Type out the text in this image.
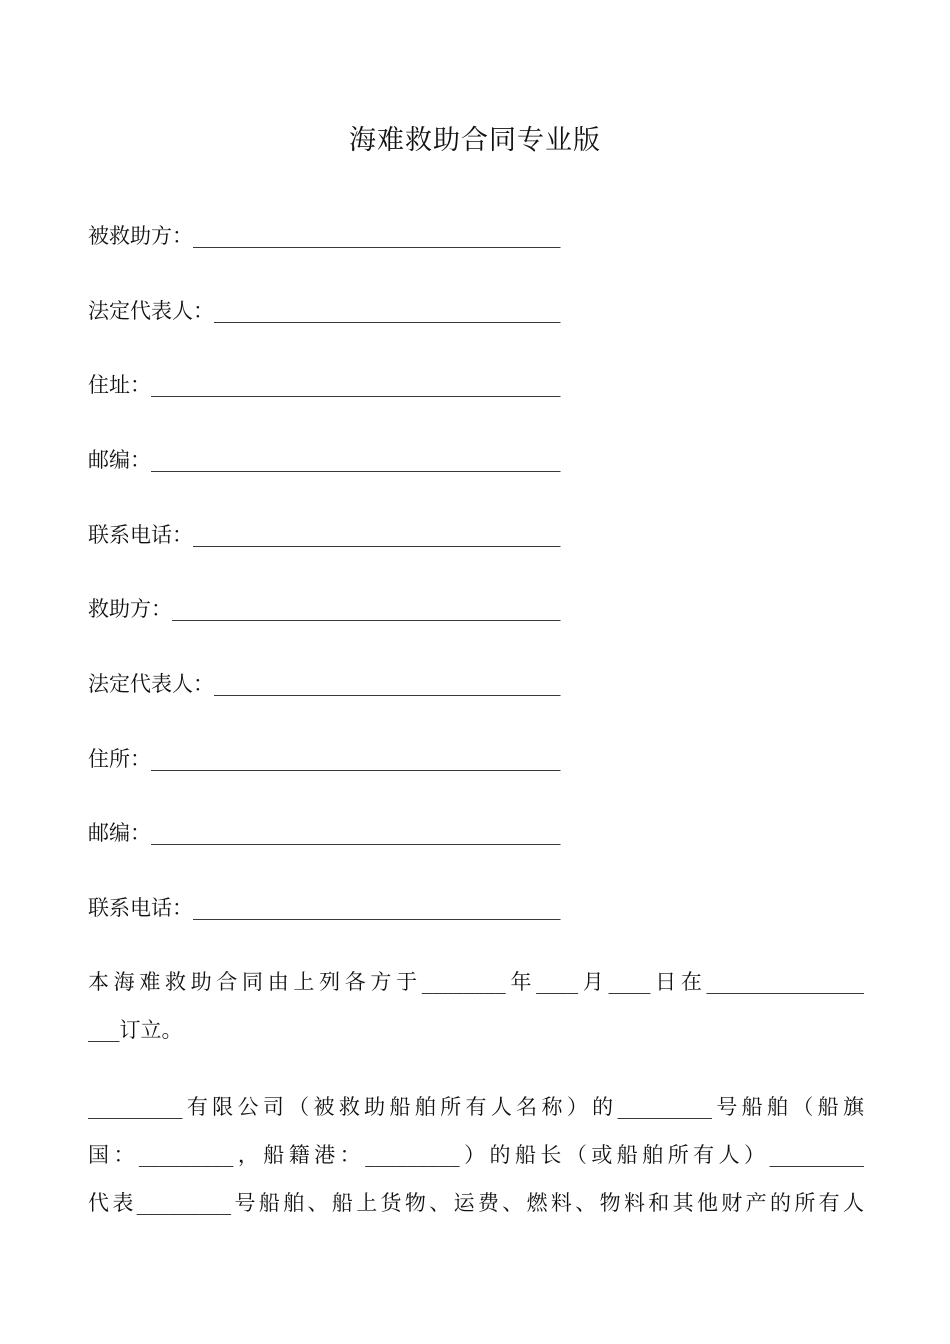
海难救助合同专业版
被救助方：___________________________________
法定代表人：_________________________________
住址：_______________________________________
邮编：_______________________________________
联系电话：___________________________________
救助方：_____________________________________
法定代表人：_________________________________
住所：_______________________________________
邮编：_______________________________________
联系电话：___________________________________
本海难救助合同由上列各方于________年____月____日在_______________
___订立。
_________有限公司（被救助船舶所有人名称）的_________号船舶（船旗
国：_________，船籍港：_________）的船长（或船舶所有人）_________
代表_________号船舶、船上货物、运费、燃料、物料和其他财产的所有人
